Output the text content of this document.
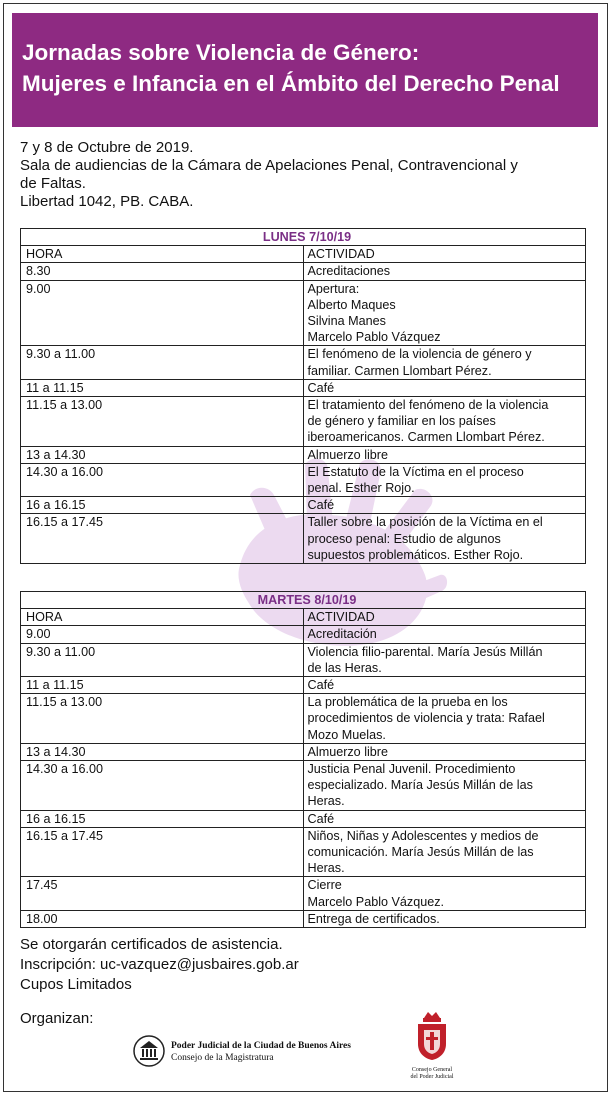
Jornadas sobre Violencia de Género:
Mujeres e Infancia en el Ámbito del Derecho Penal
7 y 8 de Octubre de 2019.
Sala de audiencias de la Cámara de Apelaciones Penal, Contravencional y
de Faltas.
Libertad 1042, PB. CABA.
LUNES 7/10/19	
HORA	ACTIVIDAD
8.30	Acreditaciones

9.00	Apertura:
Alberto Maques
Silvina Manes
Marcelo Pablo Vázquez

9.30 a 11.00	El fenómeno de la violencia de género y
familiar. Carmen Llombart Pérez.

11 a 11.15	Café

11.15 a 13.00	El tratamiento del fenómeno de la violencia
de género y familiar en los países
iberoamericanos. Carmen Llombart Pérez.

13 a 14.30	Almuerzo libre

14.30 a 16.00	El Estatuto de la Víctima en el proceso
penal. Esther Rojo.

16 a 16.15	Café

16.15 a 17.45	Taller sobre la posición de la Víctima en el
proceso penal: Estudio de algunos
supuestos problemáticos. Esther Rojo.
MARTES 8/10/19	
HORA	ACTIVIDAD
9.00	Acreditación

9.30 a 11.00	Violencia filio-parental. María Jesús Millán
de las Heras.

11 a 11.15	Café

11.15 a 13.00	La problemática de la prueba en los
procedimientos de violencia y trata: Rafael
Mozo Muelas.

13 a 14.30	Almuerzo libre

14.30 a 16.00	Justicia Penal Juvenil. Procedimiento
especializado. María Jesús Millán de las
Heras.

16 a 16.15	Café

16.15 a 17.45	Niños, Niñas y Adolescentes y medios de
comunicación. María Jesús Millán de las
Heras.

17.45	Cierre
Marcelo Pablo Vázquez.

18.00	Entrega de certificados.
Se otorgarán certificados de asistencia.
Inscripción: uc-vazquez@jusbaires.gob.ar
Cupos Limitados
Organizan:
Poder Judicial de la Ciudad de Buenos Aires
Consejo de la Magistratura
Consejo General
del Poder Judicial
